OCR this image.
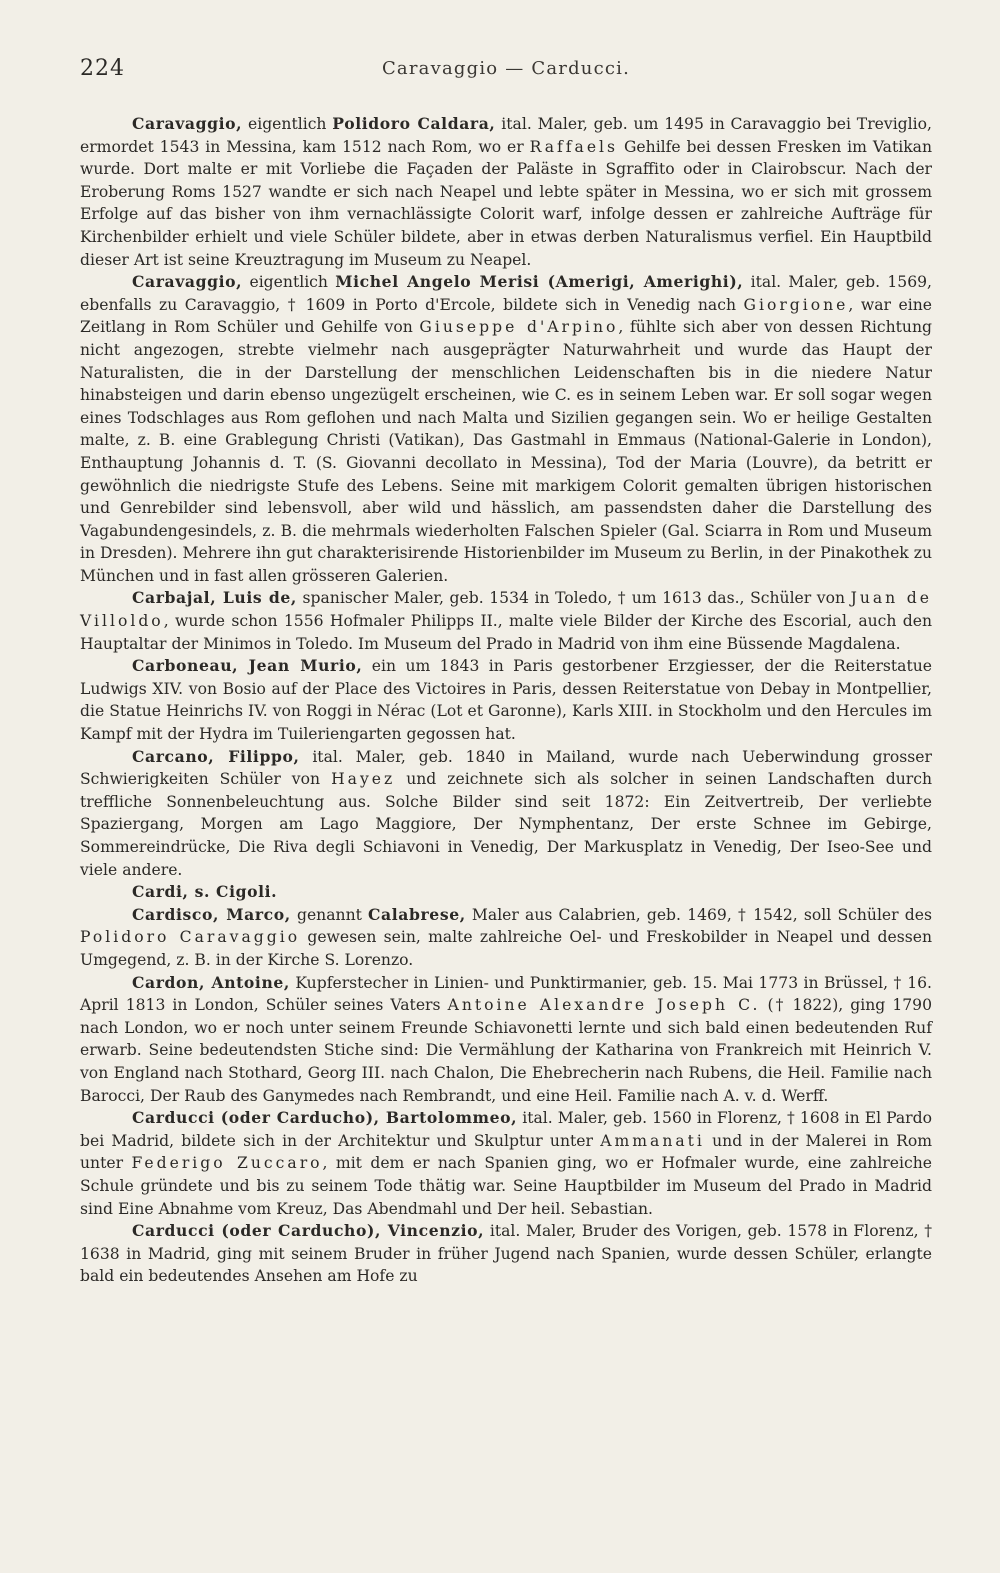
224	Caravaggio — Carducci.

Caravaggio, eigentlich Polidoro Caldara, ital. Maler, geb. um 1495 in Caravaggio bei Treviglio, ermordet 1543 in Messina, kam 1512 nach Rom, wo er Raffaels Gehilfe bei dessen Fresken im Vatikan wurde. Dort malte er mit Vorliebe die Façaden der Paläste in Sgraffito oder in Clairobscur. Nach der Eroberung Roms 1527 wandte er sich nach Neapel und lebte später in Messina, wo er sich mit grossem Erfolge auf das bisher von ihm vernachlässigte Colorit warf, infolge dessen er zahlreiche Aufträge für Kirchenbilder erhielt und viele Schüler bildete, aber in etwas derben Naturalismus verfiel. Ein Hauptbild dieser Art ist seine Kreuztragung im Museum zu Neapel.

Caravaggio, eigentlich Michel Angelo Merisi (Amerigi, Amerighi), ital. Maler, geb. 1569, ebenfalls zu Caravaggio, † 1609 in Porto d'Ercole, bildete sich in Venedig nach Giorgione, war eine Zeitlang in Rom Schüler und Gehilfe von Giuseppe d'Arpino, fühlte sich aber von dessen Richtung nicht angezogen, strebte vielmehr nach ausgeprägter Naturwahrheit und wurde das Haupt der Naturalisten, die in der Darstellung der menschlichen Leidenschaften bis in die niedere Natur hinabsteigen und darin ebenso ungezügelt erscheinen, wie C. es in seinem Leben war. Er soll sogar wegen eines Todschlages aus Rom geflohen und nach Malta und Sizilien gegangen sein. Wo er heilige Gestalten malte, z. B. eine Grablegung Christi (Vatikan), Das Gastmahl in Emmaus (National-Galerie in London), Enthauptung Johannis d. T. (S. Giovanni decollato in Messina), Tod der Maria (Louvre), da betritt er gewöhnlich die niedrigste Stufe des Lebens. Seine mit markigem Colorit gemalten übrigen historischen und Genrebilder sind lebensvoll, aber wild und hässlich, am passendsten daher die Darstellung des Vagabundengesindels, z. B. die mehrmals wiederholten Falschen Spieler (Gal. Sciarra in Rom und Museum in Dresden). Mehrere ihn gut charakterisirende Historienbilder im Museum zu Berlin, in der Pinakothek zu München und in fast allen grösseren Galerien.

Carbajal, Luis de, spanischer Maler, geb. 1534 in Toledo, † um 1613 das., Schüler von Juan de Villoldo, wurde schon 1556 Hofmaler Philipps II., malte viele Bilder der Kirche des Escorial, auch den Hauptaltar der Minimos in Toledo. Im Museum del Prado in Madrid von ihm eine Büssende Magdalena.

Carboneau, Jean Murio, ein um 1843 in Paris gestorbener Erzgiesser, der die Reiterstatue Ludwigs XIV. von Bosio auf der Place des Victoires in Paris, dessen Reiterstatue von Debay in Montpellier, die Statue Heinrichs IV. von Roggi in Nérac (Lot et Garonne), Karls XIII. in Stockholm und den Hercules im Kampf mit der Hydra im Tuileriengarten gegossen hat.

Carcano, Filippo, ital. Maler, geb. 1840 in Mailand, wurde nach Ueberwindung grosser Schwierigkeiten Schüler von Hayez und zeichnete sich als solcher in seinen Landschaften durch treffliche Sonnenbeleuchtung aus. Solche Bilder sind seit 1872: Ein Zeitvertreib, Der verliebte Spaziergang, Morgen am Lago Maggiore, Der Nymphentanz, Der erste Schnee im Gebirge, Sommereindrücke, Die Riva degli Schiavoni in Venedig, Der Markusplatz in Venedig, Der Iseo-See und viele andere.

Cardi, s. Cigoli.

Cardisco, Marco, genannt Calabrese, Maler aus Calabrien, geb. 1469, † 1542, soll Schüler des Polidoro Caravaggio gewesen sein, malte zahlreiche Oel- und Freskobilder in Neapel und dessen Umgegend, z. B. in der Kirche S. Lorenzo.

Cardon, Antoine, Kupferstecher in Linien- und Punktirmanier, geb. 15. Mai 1773 in Brüssel, † 16. April 1813 in London, Schüler seines Vaters Antoine Alexandre Joseph C. († 1822), ging 1790 nach London, wo er noch unter seinem Freunde Schiavonetti lernte und sich bald einen bedeutenden Ruf erwarb. Seine bedeutendsten Stiche sind: Die Vermählung der Katharina von Frankreich mit Heinrich V. von England nach Stothard, Georg III. nach Chalon, Die Ehebrecherin nach Rubens, die Heil. Familie nach Barocci, Der Raub des Ganymedes nach Rembrandt, und eine Heil. Familie nach A. v. d. Werff.

Carducci (oder Carducho), Bartolommeo, ital. Maler, geb. 1560 in Florenz, † 1608 in El Pardo bei Madrid, bildete sich in der Architektur und Skulptur unter Ammanati und in der Malerei in Rom unter Federigo Zuccaro, mit dem er nach Spanien ging, wo er Hofmaler wurde, eine zahlreiche Schule gründete und bis zu seinem Tode thätig war. Seine Hauptbilder im Museum del Prado in Madrid sind Eine Abnahme vom Kreuz, Das Abendmahl und Der heil. Sebastian.

Carducci (oder Carducho), Vincenzio, ital. Maler, Bruder des Vorigen, geb. 1578 in Florenz, † 1638 in Madrid, ging mit seinem Bruder in früher Jugend nach Spanien, wurde dessen Schüler, erlangte bald ein bedeutendes Ansehen am Hofe zu
